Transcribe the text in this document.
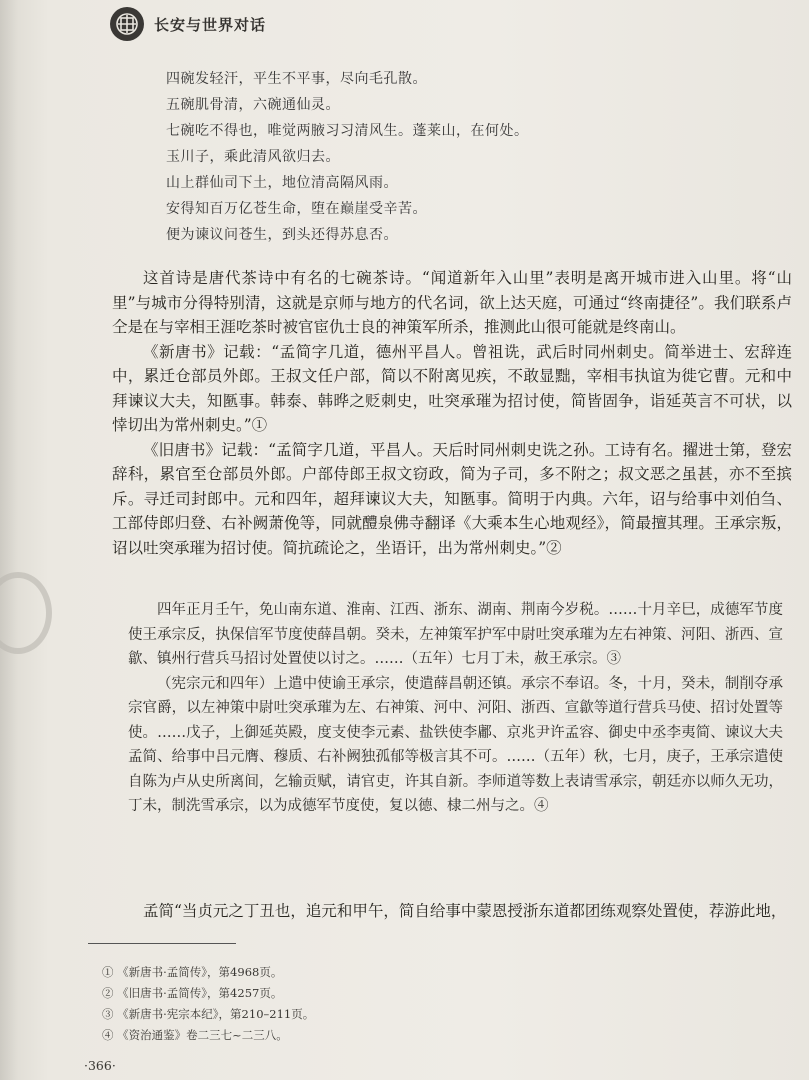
长安与世界对话
四碗发轻汗，平生不平事，尽向毛孔散。
五碗肌骨清，六碗通仙灵。
七碗吃不得也，唯觉两腋习习清风生。蓬莱山，在何处。
玉川子，乘此清风欲归去。
山上群仙司下土，地位清高隔风雨。
安得知百万亿苍生命，堕在巅崖受辛苦。
便为谏议问苍生，到头还得苏息否。

这首诗是唐代茶诗中有名的七碗茶诗。“闻道新年入山里”表明是离开城市进入山里。将“山里”与城市分得特别清，这就是京师与地方的代名词，欲上达天庭，可通过“终南捷径”。我们联系卢仝是在与宰相王涯吃茶时被官宦仇士良的神策军所杀，推测此山很可能就是终南山。

《新唐书》记载：“孟简字几道，德州平昌人。曾祖诜，武后时同州刺史。简举进士、宏辞连中，累迁仓部员外郎。王叔文任户部，简以不附离见疾，不敢显黜，宰相韦执谊为徙它曹。元和中拜谏议大夫，知匦事。韩泰、韩晔之贬刺史，吐突承璀为招讨使，简皆固争，诣延英言不可状，以悻切出为常州刺史。”①

《旧唐书》记载：“孟简字几道，平昌人。天后时同州刺史诜之孙。工诗有名。擢进士第，登宏辞科，累官至仓部员外郎。户部侍郎王叔文窃政，简为子司，多不附之；叔文恶之虽甚，亦不至摈斥。寻迁司封郎中。元和四年，超拜谏议大夫，知匦事。简明于内典。六年，诏与给事中刘伯刍、工部侍郎归登、右补阙萧俛等，同就醴泉佛寺翻译《大乘本生心地观经》，简最擅其理。王承宗叛，诏以吐突承璀为招讨使。简抗疏论之，坐语讦，出为常州刺史。”②

四年正月壬午，免山南东道、淮南、江西、浙东、湖南、荆南今岁税。……十月辛巳，成德军节度使王承宗反，执保信军节度使薛昌朝。癸未，左神策军护军中尉吐突承璀为左右神策、河阳、浙西、宣歙、镇州行营兵马招讨处置使以讨之。……（五年）七月丁未，赦王承宗。③

（宪宗元和四年）上遣中使谕王承宗，使遣薛昌朝还镇。承宗不奉诏。冬，十月，癸未，制削夺承宗官爵，以左神策中尉吐突承璀为左、右神策、河中、河阳、浙西、宣歙等道行营兵马使、招讨处置等使。……戊子，上御延英殿，度支使李元素、盐铁使李鄘、京兆尹许孟容、御史中丞李夷简、谏议大夫孟简、给事中吕元膺、穆质、右补阙独孤郁等极言其不可。……（五年）秋，七月，庚子，王承宗遣使自陈为卢从史所离间，乞输贡赋，请官吏，许其自新。李师道等数上表请雪承宗，朝廷亦以师久无功，丁未，制洗雪承宗，以为成德军节度使，复以德、棣二州与之。④

孟简“当贞元之丁丑也，追元和甲午，简自给事中蒙恩授浙东道都团练观察处置使，荐游此地，
① 《新唐书·孟简传》，第4968页。
② 《旧唐书·孟简传》，第4257页。
③ 《新唐书·宪宗本纪》，第210–211页。
④ 《资治通鉴》卷二三七~二三八。
·366·
